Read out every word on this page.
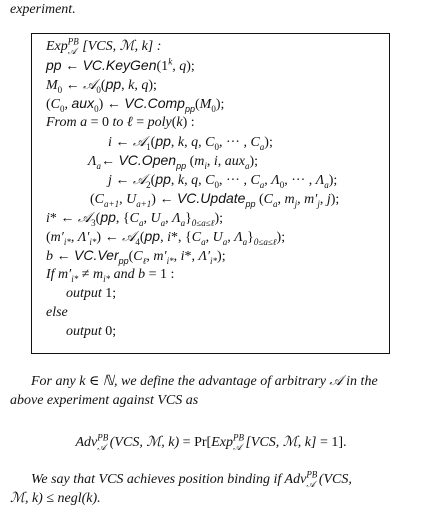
experiment.
Exp$^{PB}_𝒜$ [VCS, ℳ, k] :
pp ← VC.KeyGen(1$^k$, q);
$M_0$ ← 𝒜$_0$(pp, k, q);
($C_0$, aux$_0$) ← $VC.Comp_{pp}(M_0)$;
From a = 0 to ℓ = poly(k) :
i ← 𝒜$_1$(pp, k, q, $C_0$, ··· , $C_a$);
$\Lambda_a\leftarrow$ VC.Open$_{pp}$ ($m_i$, i, aux$_a$);
j ← 𝒜$_2$(pp, k, q, $C_0$, ··· , $C_a$, $\Lambda_0$, ··· , $\Lambda_a$);
($C_{a+1}$, $U_{a+1}$) ← VC.Update$_{pp}$ ($C_a$, $m_j$, $m'_j$, j);
i* ← 𝒜$_3$(pp, {$C_a$, $U_a$, $\Lambda_a\}_{0\le a\le\ell}$);
($m'_{i*}$, $\Lambda'_{i*}$) ← 𝒜$_4$(pp, i*, {$C_a$, $U_a$, $\Lambda_a\}_{0\le a\le\ell}$);
b ← $VC.Ver_{pp}(C_\ell$, $m'_{i*}$, i*, $\Lambda'_{i*}$);
If $m'_{i*} \ne m_{i*}$ and b = 1 :
output 1;
else
output 0;
For any k ∈ ℕ, we define the advantage of arbitrary 𝒜 in the
above experiment against VCS as
Adv$^{PB}_𝒜$ (VCS, ℳ, k) = Pr[Exp$^{PB}_𝒜$ [VCS, ℳ, k] = 1].
We say that VCS achieves position binding if Adv$^{PB}_𝒜$ (VCS,
ℳ, k) ≤ negl(k).
